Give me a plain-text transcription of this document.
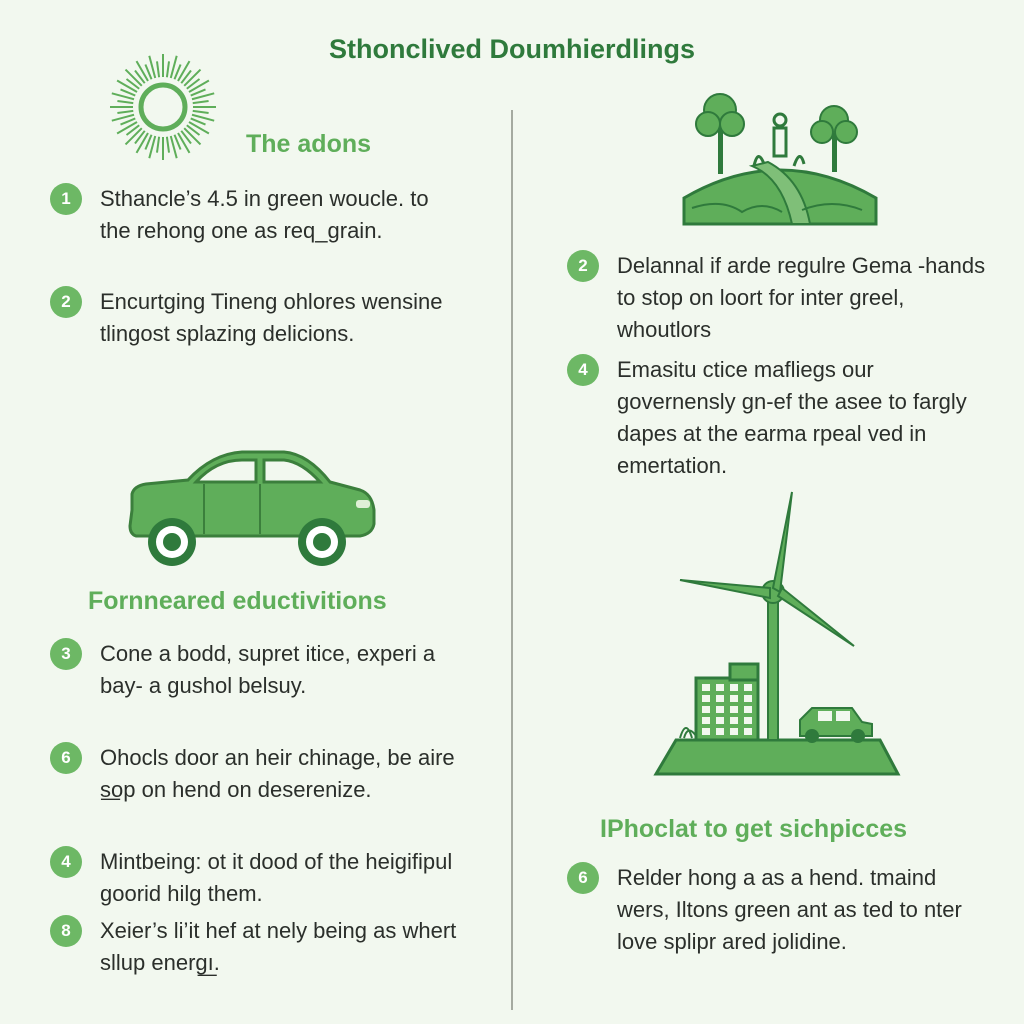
Sthonclived Doumhierdlings
The adons
1	Sthancle’s 4.5 in green woucle. to the rehong one as req_grain.
2	Encurtging Tineng ohlores wensine tlingost splazing delicions.
Fornneared eductivitions
3	Cone a bodd, supret itice, experi a bay- a gushol belsuy.
6	Ohocls door an heir chinage, be aire s͟op on hend on deserenize.
4	Mintbeing: ot it dood of the heigifipul goorid hilg them.
8	Xeier’s li’it hef at nely being as whert sllup energ͟ı.
2	Delannal if arde regulre Gema -hands to stop on loort for inter greel, whoutlors
4	Emasitu ctice mafliegs our governensly gn-ef the asee to fargly dapes at the earma rpeal ved in emertation.
IPhoclat to get sichpicces
6	Relder hong a as a hend. tmaind wers, Iltons green ant as ted to nter love splipr ared jolidine.
